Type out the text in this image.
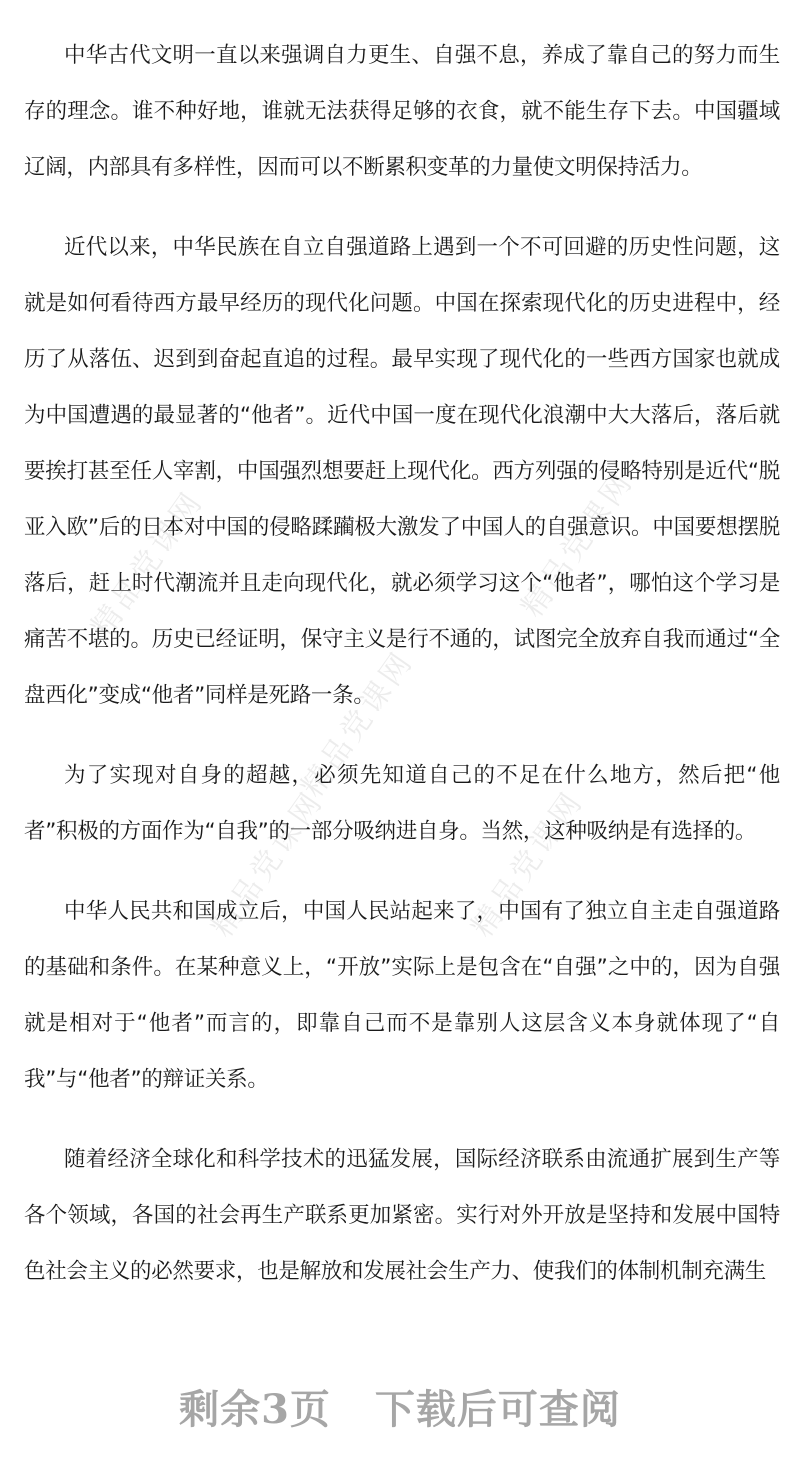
精品党课网	精品党课网
精品党课网
精品党课网	精品党课网

中华古代文明一直以来强调自力更生、自强不息，养成了靠自己的努力而生存的理念。谁不种好地，谁就无法获得足够的衣食，就不能生存下去。中国疆域辽阔，内部具有多样性，因而可以不断累积变革的力量使文明保持活力。

近代以来，中华民族在自立自强道路上遇到一个不可回避的历史性问题，这就是如何看待西方最早经历的现代化问题。中国在探索现代化的历史进程中，经历了从落伍、迟到到奋起直追的过程。最早实现了现代化的一些西方国家也就成为中国遭遇的最显著的“他者”。近代中国一度在现代化浪潮中大大落后，落后就要挨打甚至任人宰割，中国强烈想要赶上现代化。西方列强的侵略特别是近代“脱亚入欧”后的日本对中国的侵略蹂躏极大激发了中国人的自强意识。中国要想摆脱落后，赶上时代潮流并且走向现代化，就必须学习这个“他者”，哪怕这个学习是痛苦不堪的。历史已经证明，保守主义是行不通的，试图完全放弃自我而通过“全盘西化”变成“他者”同样是死路一条。

为了实现对自身的超越，必须先知道自己的不足在什么地方，然后把“他者”积极的方面作为“自我”的一部分吸纳进自身。当然，这种吸纳是有选择的。

中华人民共和国成立后，中国人民站起来了，中国有了独立自主走自强道路的基础和条件。在某种意义上，“开放”实际上是包含在“自强”之中的，因为自强就是相对于“他者”而言的，即靠自己而不是靠别人这层含义本身就体现了“自我”与“他者”的辩证关系。

随着经济全球化和科学技术的迅猛发展，国际经济联系由流通扩展到生产等各个领域，各国的社会再生产联系更加紧密。实行对外开放是坚持和发展中国特色社会主义的必然要求，也是解放和发展社会生产力、使我们的体制机制充满生

剩余3页 下载后可查阅
